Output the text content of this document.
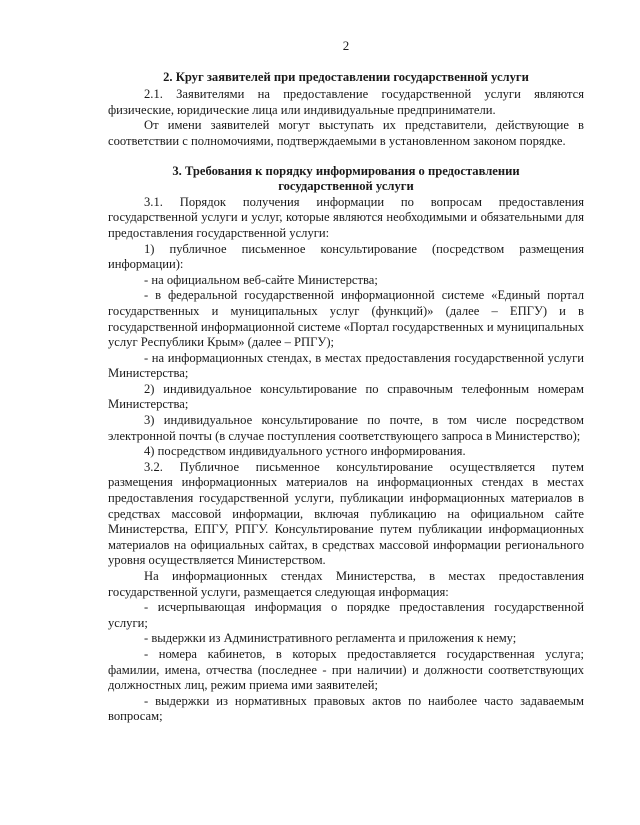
2
2. Круг заявителей при предоставлении государственной услуги

2.1. Заявителями на предоставление государственной услуги являются физические, юридические лица или индивидуальные предприниматели.

От имени заявителей могут выступать их представители, действующие в соответствии с полномочиями, подтверждаемыми в установленном законом порядке.

3. Требования к порядку информирования о предоставлении
государственной услуги

3.1. Порядок получения информации по вопросам предоставления государственной услуги и услуг, которые являются необходимыми и обязательными для предоставления государственной услуги:

1) публичное письменное консультирование (посредством размещения информации):

- на официальном веб-сайте Министерства;

- в федеральной государственной информационной системе «Единый портал государственных и муниципальных услуг (функций)» (далее – ЕПГУ) и в государственной информационной системе «Портал государственных и муниципальных услуг Республики Крым» (далее – РПГУ);

- на информационных стендах, в местах предоставления государственной услуги Министерства;

2) индивидуальное консультирование по справочным телефонным номерам Министерства;

3) индивидуальное консультирование по почте, в том числе посредством электронной почты (в случае поступления соответствующего запроса в Министерство);

4) посредством индивидуального устного информирования.

3.2. Публичное письменное консультирование осуществляется путем размещения информационных материалов на информационных стендах в местах предоставления государственной услуги, публикации информационных материалов в средствах массовой информации, включая публикацию на официальном сайте Министерства, ЕПГУ, РПГУ. Консультирование путем публикации информационных материалов на официальных сайтах, в средствах массовой информации регионального уровня осуществляется Министерством.

На информационных стендах Министерства, в местах предоставления государственной услуги, размещается следующая информация:

- исчерпывающая информация о порядке предоставления государственной услуги;

- выдержки из Административного регламента и приложения к нему;

- номера кабинетов, в которых предоставляется государственная услуга; фамилии, имена, отчества (последнее - при наличии) и должности соответствующих должностных лиц, режим приема ими заявителей;

- выдержки из нормативных правовых актов по наиболее часто задаваемым вопросам;
